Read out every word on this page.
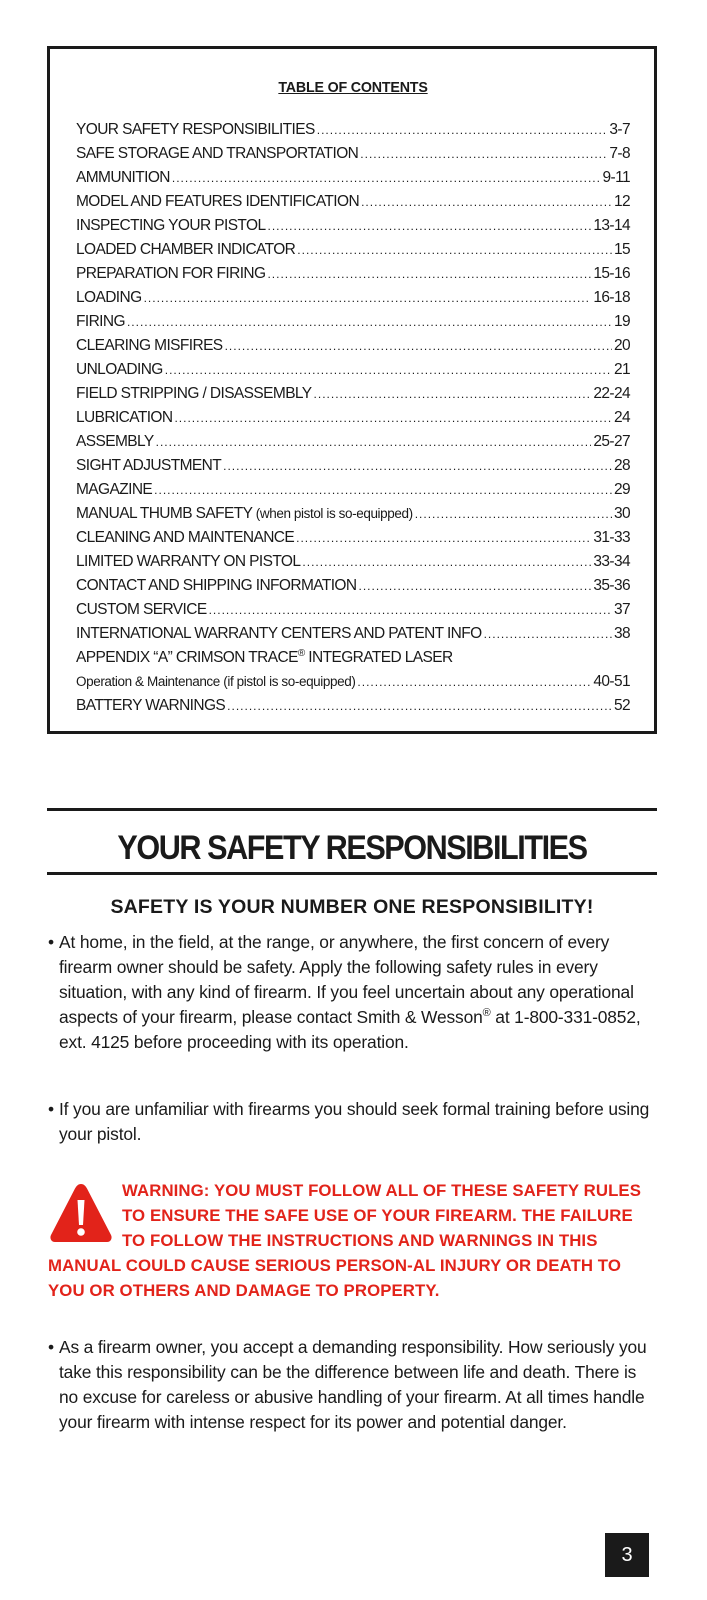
TABLE OF CONTENTS
YOUR SAFETY RESPONSIBILITIES .....	3-7
SAFE STORAGE AND TRANSPORTATION .....	7-8
AMMUNITION .....	9-11
MODEL AND FEATURES IDENTIFICATION .....	12
INSPECTING YOUR PISTOL .....	13-14
LOADED CHAMBER INDICATOR .....	15
PREPARATION FOR FIRING .....	15-16
LOADING .....	16-18
FIRING .....	19
CLEARING MISFIRES .....	20
UNLOADING .....	21
FIELD STRIPPING / DISASSEMBLY .....	22-24
LUBRICATION .....	24
ASSEMBLY .....	25-27
SIGHT ADJUSTMENT .....	28
MAGAZINE .....	29
MANUAL THUMB SAFETY (when pistol is so-equipped) .....	30
CLEANING AND MAINTENANCE .....	31-33
LIMITED WARRANTY ON PISTOL .....	33-34
CONTACT AND SHIPPING INFORMATION .....	35-36
CUSTOM SERVICE .....	37
INTERNATIONAL WARRANTY CENTERS AND PATENT INFO .....	38
APPENDIX “A” CRIMSON TRACE® INTEGRATED LASER
Operation & Maintenance (if pistol is so-equipped) .....	40-51
BATTERY WARNINGS .....	52
YOUR SAFETY RESPONSIBILITIES
SAFETY IS YOUR NUMBER ONE RESPONSIBILITY!

• At home, in the field, at the range, or anywhere, the first concern of every firearm owner should be safety. Apply the following safety rules in every situation, with any kind of firearm. If you feel uncertain about any operational aspects of your firearm, please contact Smith & Wesson® at 1-800-331-0852, ext. 4125 before proceeding with its operation.

• If you are unfamiliar with firearms you should seek formal training before using your pistol.

WARNING: YOU MUST FOLLOW ALL OF THESE SAFETY RULES TO ENSURE THE SAFE USE OF YOUR FIREARM. THE FAILURE TO FOLLOW THE INSTRUCTIONS AND WARNINGS IN THIS MANUAL COULD CAUSE SERIOUS PERSON-AL INJURY OR DEATH TO YOU OR OTHERS AND DAMAGE TO PROPERTY.

• As a firearm owner, you accept a demanding responsibility. How seriously you take this responsibility can be the difference between life and death. There is no excuse for careless or abusive handling of your firearm. At all times handle your firearm with intense respect for its power and potential danger.

3
